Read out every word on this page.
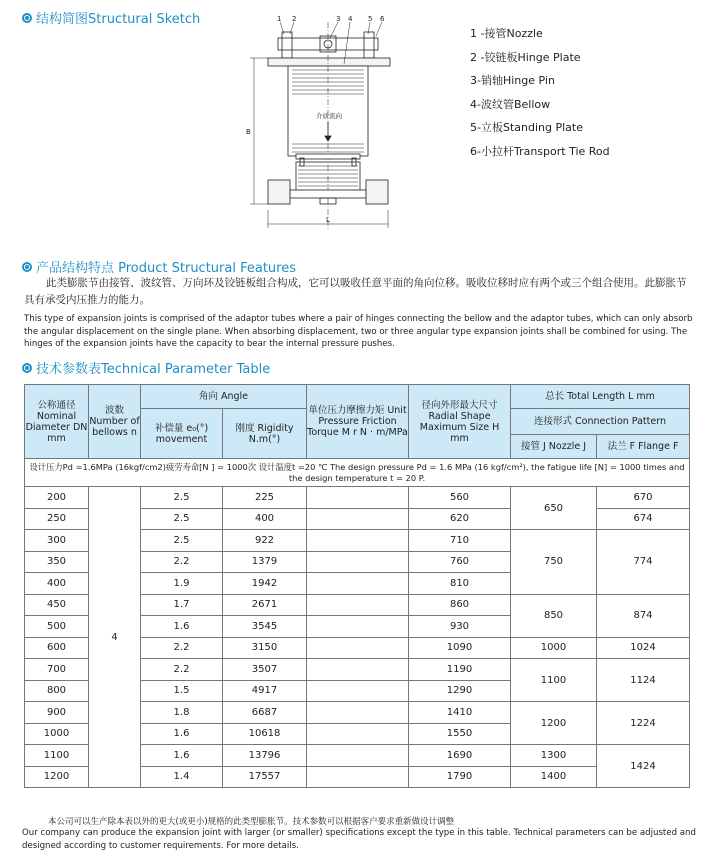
结构简图Structural Sketch	1 2	3 4 5 6
介质流向
B
L
1 -接管Nozzle
2 -铰链板Hinge Plate
3-销轴Hinge Pin
4-波纹管Bellow
5-立板Standing Plate
6-小拉杆Transport Tie Rod
产品结构特点 Product Structural Features
此类膨胀节由接管、波纹管、万向环及铰链板组合构成，它可以吸收任意平面的角向位移。吸收位移时应有两个或三个组合使用。此膨胀节具有承受内压推力的能力。
This type of expansion joints is comprised of the adaptor tubes where a pair of hinges connecting the bellow and the adaptor tubes, which can only absorb the angular displacement on the single plane. When absorbing displacement, two or three angular type expansion joints shall be combined for using. The hinges of the expansion joints have the capacity to bear the internal pressure pushes.
技术参数表Technical Parameter Table
公称通径 Nominal Diameter DN mm	波数 Number of bellows n	角向 Angle		单位压力摩擦力矩 Unit Pressure Friction Torque M r N · m/MPa	径向外形最大尺寸 Radial Shape Maximum Size H mm	总长 Total Length L mm	
		补偿量 e₀(°) movement	刚度 Rigidity N.m(°)			连接形式 Connection Pattern	
						接管 J Nozzle J	法兰 F Flange F
设计压力Pd =1.6MPa (16kgf/cm2)疲劳寿命[N ] = 1000次 设计温度t =20 ℃ The design pressure Pd = 1.6 MPa (16 kgf/cm²), the fatigue life [N] = 1000 times and the design temperature t = 20 P.							
200	4	2.5	225		560	650	670
250		2.5	400		620		674
300		2.5	922		710	750	774
350		2.2	1379		760		
400		1.9	1942		810		
450		1.7	2671		860	850	874
500		1.6	3545		930		
600		2.2	3150		1090	1000	1024
700		2.2	3507		1190	1100	1124
800		1.5	4917		1290		
900		1.8	6687		1410	1200	1224
1000		1.6	10618		1550		
1100		1.6	13796		1690	1300	1424
1200		1.4	17557		1790	1400	
本公司可以生产除本表以外的更大(或更小)规格的此类型膨胀节。技术参数可以根据客户要求重新做设计调整
Our company can produce the expansion joint with larger (or smaller) specifications except the type in this table. Technical parameters can be adjusted and designed according to customer requirements. For more details.
